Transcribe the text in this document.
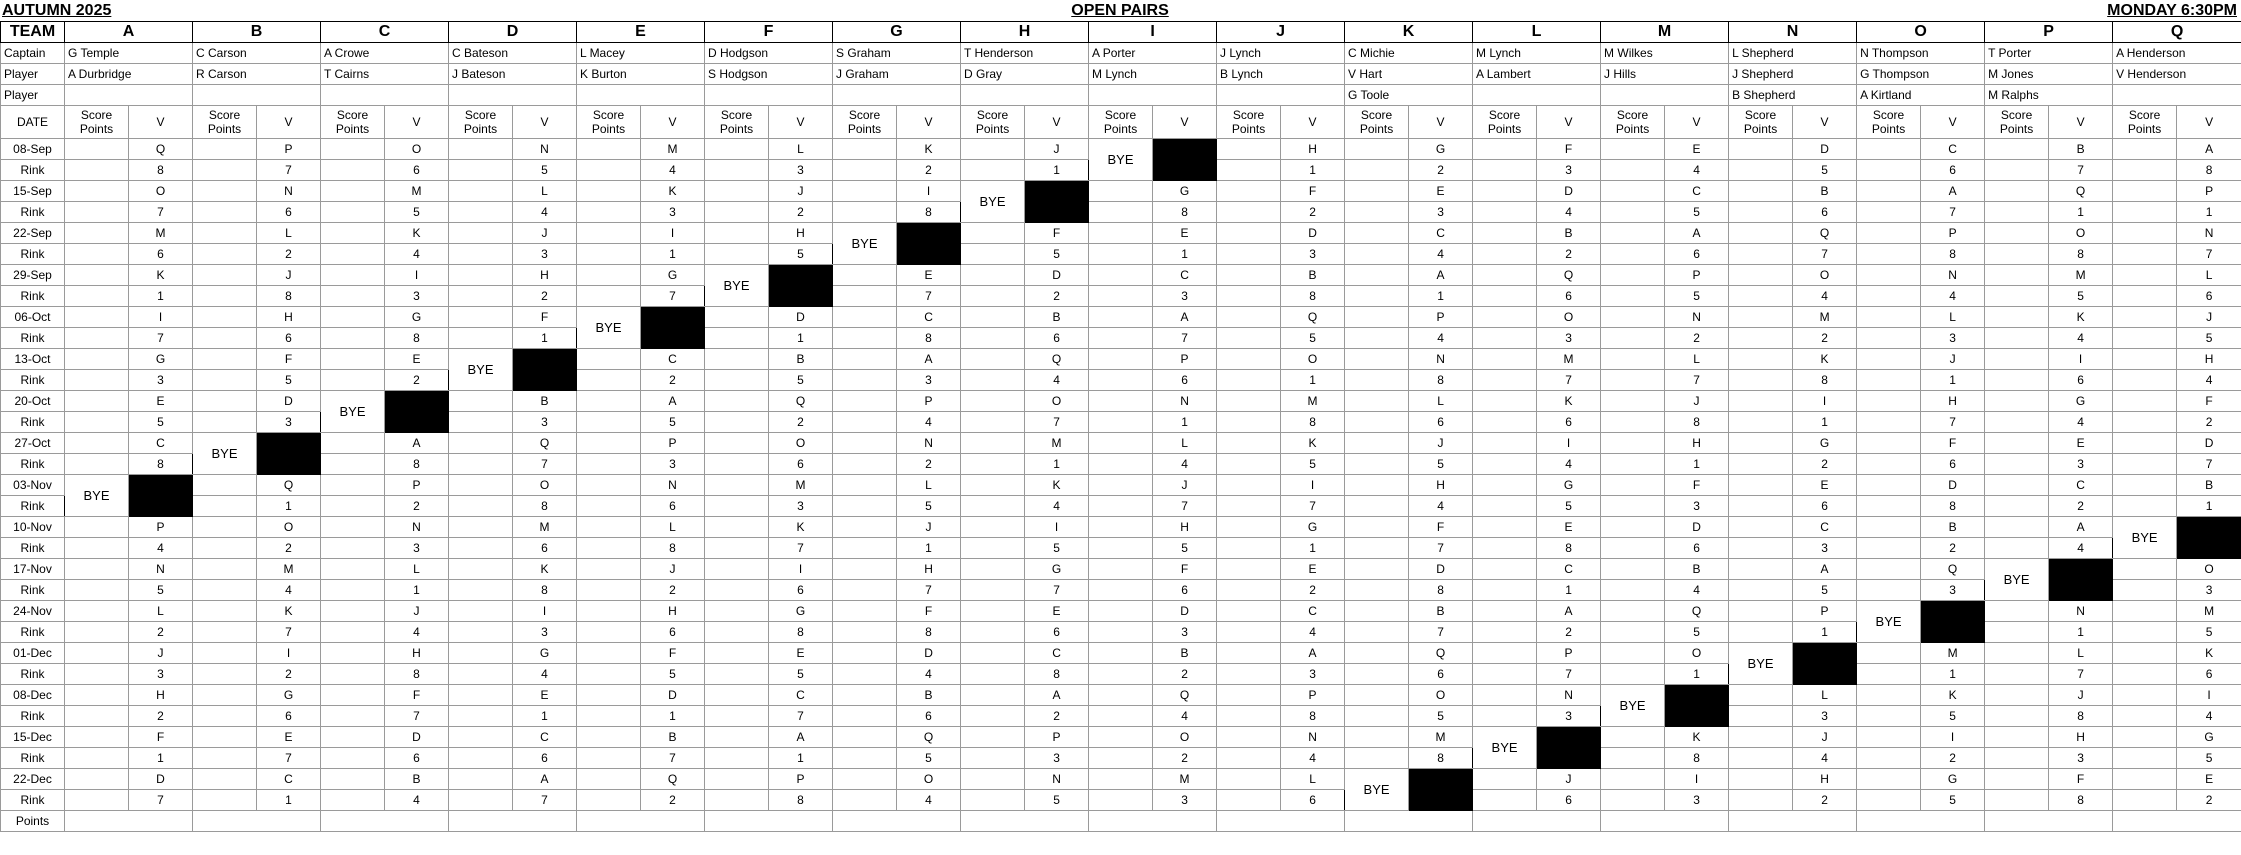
AUTUMN 2025	OPEN PAIRS	MONDAY 6:30PM
TEAM	A		B		C		D		E		F		G		H		I		J		K		L		M		N		O		P		Q	
Captain	G Temple		C Carson		A Crowe		C Bateson		L Macey		D Hodgson		S Graham		T Henderson		A Porter		J Lynch		C Michie		M Lynch		M Wilkes		L Shepherd		N Thompson		T Porter		A Henderson	
Player	A Durbridge		R Carson		T Cairns		J Bateson		K Burton		S Hodgson		J Graham		D Gray		M Lynch		B Lynch		V Hart		A Lambert		J Hills		J Shepherd		G Thompson		M Jones		V Henderson	
Player																					G Toole						B Shepherd		A Kirtland		M Ralphs			
DATE	Score Points	V	Score Points	V	Score Points	V	Score Points	V	Score Points	V	Score Points	V	Score Points	V	Score Points	V	Score Points	V	Score Points	V	Score Points	V	Score Points	V	Score Points	V	Score Points	V	Score Points	V	Score Points	V	Score Points	V
08-Sep		Q		P		O		N		M		L		K		J	BYE			H		G		F		E		D		C		B		A
Rink		8		7		6		5		4		3		2		1				1		2		3		4		5		6		7		8
15-Sep		O		N		M		L		K		J		I	BYE			G		F		E		D		C		B		A		Q		P
Rink		7		6		5		4		3		2		8				8		2		3		4		5		6		7		1		1
22-Sep		M		L		K		J		I		H	BYE			F		E		D		C		B		A		Q		P		O		N
Rink		6		2		4		3		1		5				5		1		3		4		2		6		7		8		8		7
29-Sep		K		J		I		H		G	BYE			E		D		C		B		A		Q		P		O		N		M		L
Rink		1		8		3		2		7				7		2		3		8		1		6		5		4		4		5		6
06-Oct		I		H		G		F	BYE			D		C		B		A		Q		P		O		N		M		L		K		J
Rink		7		6		8		1				1		8		6		7		5		4		3		2		2		3		4		5
13-Oct		G		F		E	BYE			C		B		A		Q		P		O		N		M		L		K		J		I		H
Rink		3		5		2				2		5		3		4		6		1		8		7		7		8		1		6		4
20-Oct		E		D	BYE			B		A		Q		P		O		N		M		L		K		J		I		H		G		F
Rink		5		3				3		5		2		4		7		1		8		6		6		8		1		7		4		2
27-Oct		C	BYE			A		Q		P		O		N		M		L		K		J		I		H		G		F		E		D
Rink		8				8		7		3		6		2		1		4		5		5		4		1		2		6		3		7
03-Nov	BYE			Q		P		O		N		M		L		K		J		I		H		G		F		E		D		C		B
Rink				1		2		8		6		3		5		4		7		7		4		5		3		6		8		2		1
10-Nov		P		O		N		M		L		K		J		I		H		G		F		E		D		C		B		A	BYE	
Rink		4		2		3		6		8		7		1		5		5		1		7		8		6		3		2		4		
17-Nov		N		M		L		K		J		I		H		G		F		E		D		C		B		A		Q	BYE			O
Rink		5		4		1		8		2		6		7		7		6		2		8		1		4		5		3				3
24-Nov		L		K		J		I		H		G		F		E		D		C		B		A		Q		P	BYE			N		M
Rink		2		7		4		3		6		8		8		6		3		4		7		2		5		1				1		5
01-Dec		J		I		H		G		F		E		D		C		B		A		Q		P		O	BYE			M		L		K
Rink		3		2		8		4		5		5		4		8		2		3		6		7		1				1		7		6
08-Dec		H		G		F		E		D		C		B		A		Q		P		O		N	BYE			L		K		J		I
Rink		2		6		7		1		1		7		6		2		4		8		5		3				3		5		8		4
15-Dec		F		E		D		C		B		A		Q		P		O		N		M	BYE			K		J		I		H		G
Rink		1		7		6		6		7		1		5		3		2		4		8				8		4		2		3		5
22-Dec		D		C		B		A		Q		P		O		N		M		L	BYE			J		I		H		G		F		E
Rink		7		1		4		7		2		8		4		5		3		6				6		3		2		5		8		2
Points																																		
